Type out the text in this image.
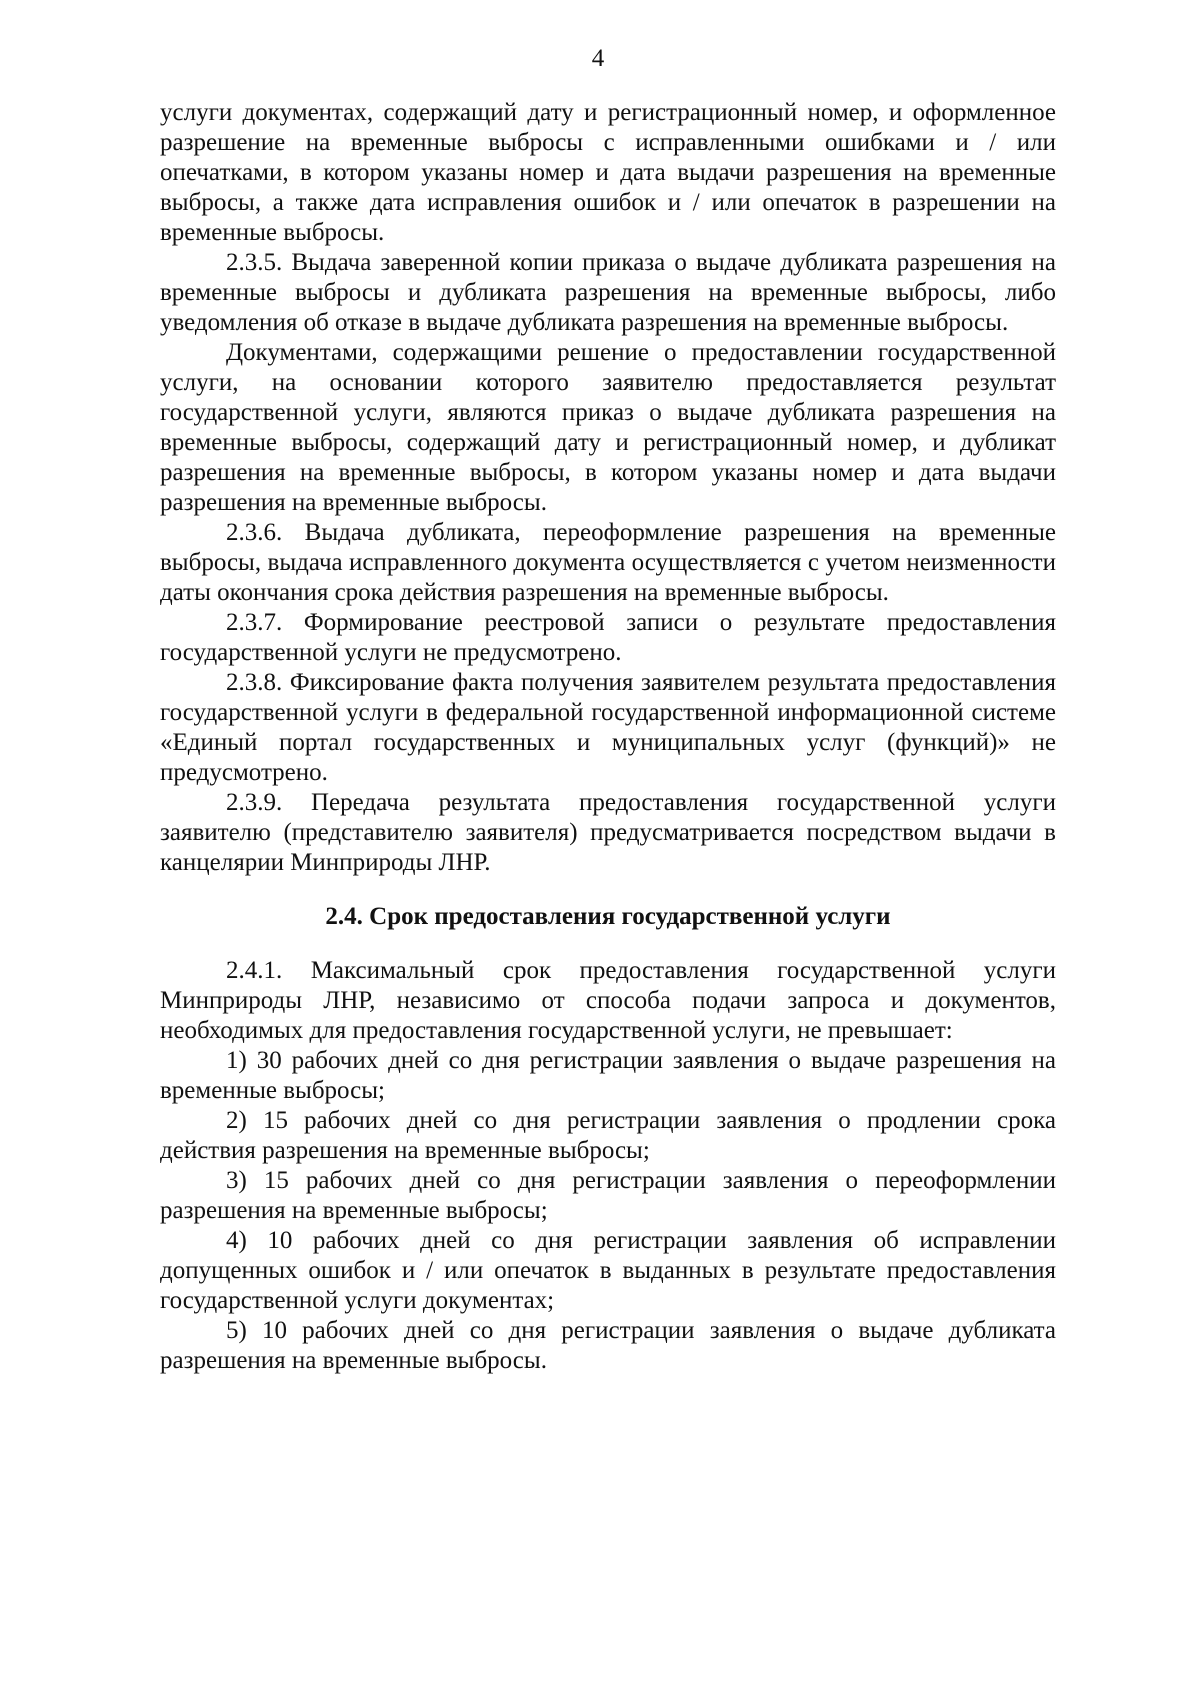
4

услуги документах, содержащий дату и регистрационный номер, и оформленное разрешение на временные выбросы с исправленными ошибками и / или опечатками, в котором указаны номер и дата выдачи разрешения на временные выбросы, а также дата исправления ошибок и / или опечаток в разрешении на временные выбросы.

2.3.5. Выдача заверенной копии приказа о выдаче дубликата разрешения на временные выбросы и дубликата разрешения на временные выбросы, либо уведомления об отказе в выдаче дубликата разрешения на временные выбросы.

Документами, содержащими решение о предоставлении государственной услуги, на основании которого заявителю предоставляется результат государственной услуги, являются приказ о выдаче дубликата разрешения на временные выбросы, содержащий дату и регистрационный номер, и дубликат разрешения на временные выбросы, в котором указаны номер и дата выдачи разрешения на временные выбросы.

2.3.6. Выдача дубликата, переоформление разрешения на временные выбросы, выдача исправленного документа осуществляется с учетом неизменности даты окончания срока действия разрешения на временные выбросы.

2.3.7. Формирование реестровой записи о результате предоставления государственной услуги не предусмотрено.

2.3.8. Фиксирование факта получения заявителем результата предоставления государственной услуги в федеральной государственной информационной системе «Единый портал государственных и муниципальных услуг (функций)» не предусмотрено.

2.3.9. Передача результата предоставления государственной услуги заявителю (представителю заявителя) предусматривается посредством выдачи в канцелярии Минприроды ЛНР.

2.4. Срок предоставления государственной услуги

2.4.1. Максимальный срок предоставления государственной услуги Минприроды ЛНР, независимо от способа подачи запроса и документов, необходимых для предоставления государственной услуги, не превышает:

1) 30 рабочих дней со дня регистрации заявления о выдаче разрешения на временные выбросы;

2) 15 рабочих дней со дня регистрации заявления о продлении срока действия разрешения на временные выбросы;

3) 15 рабочих дней со дня регистрации заявления о переоформлении разрешения на временные выбросы;

4) 10 рабочих дней со дня регистрации заявления об исправлении допущенных ошибок и / или опечаток в выданных в результате предоставления государственной услуги документах;

5) 10 рабочих дней со дня регистрации заявления о выдаче дубликата разрешения на временные выбросы.
